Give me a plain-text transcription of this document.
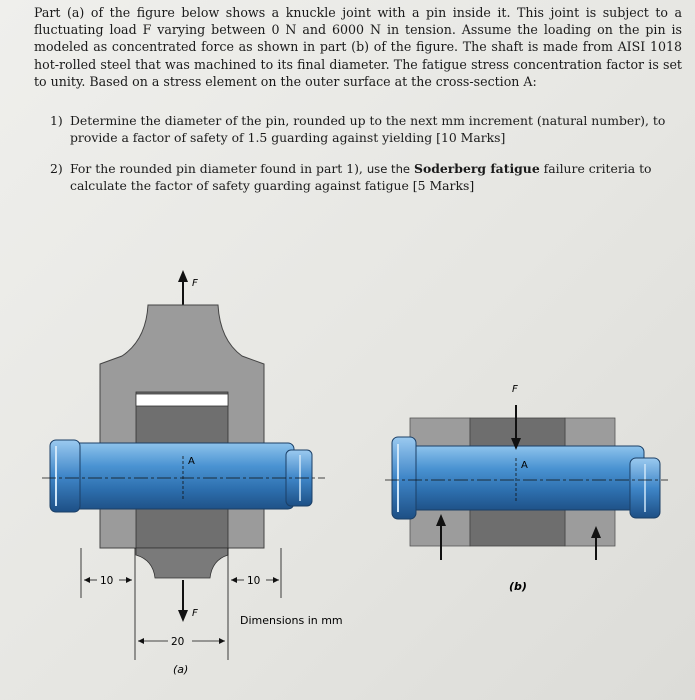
Part (a) of the figure below shows a knuckle joint with a pin inside it. This joint is subject to a fluctuating load F varying between 0 N and 6000 N in tension. Assume the loading on the pin is modeled as concentrated force as shown in part (b) of the figure. The shaft is made from AISI 1018 hot-rolled steel that was machined to its final diameter. The fatigue stress concentration factor is set to unity. Based on a stress element on the outer surface at the cross-section A:
1) Determine the diameter of the pin, rounded up to the next mm increment (natural number), to provide a factor of safety of 1.5 guarding against yielding [10 Marks]
2) For the rounded pin diameter found in part 1), use the Soderberg fatigue failure criteria to calculate the factor of safety guarding against fatigue [5 Marks]
F
A
10	10
F
20
Dimensions in mm
(a)
A
F
(b)
